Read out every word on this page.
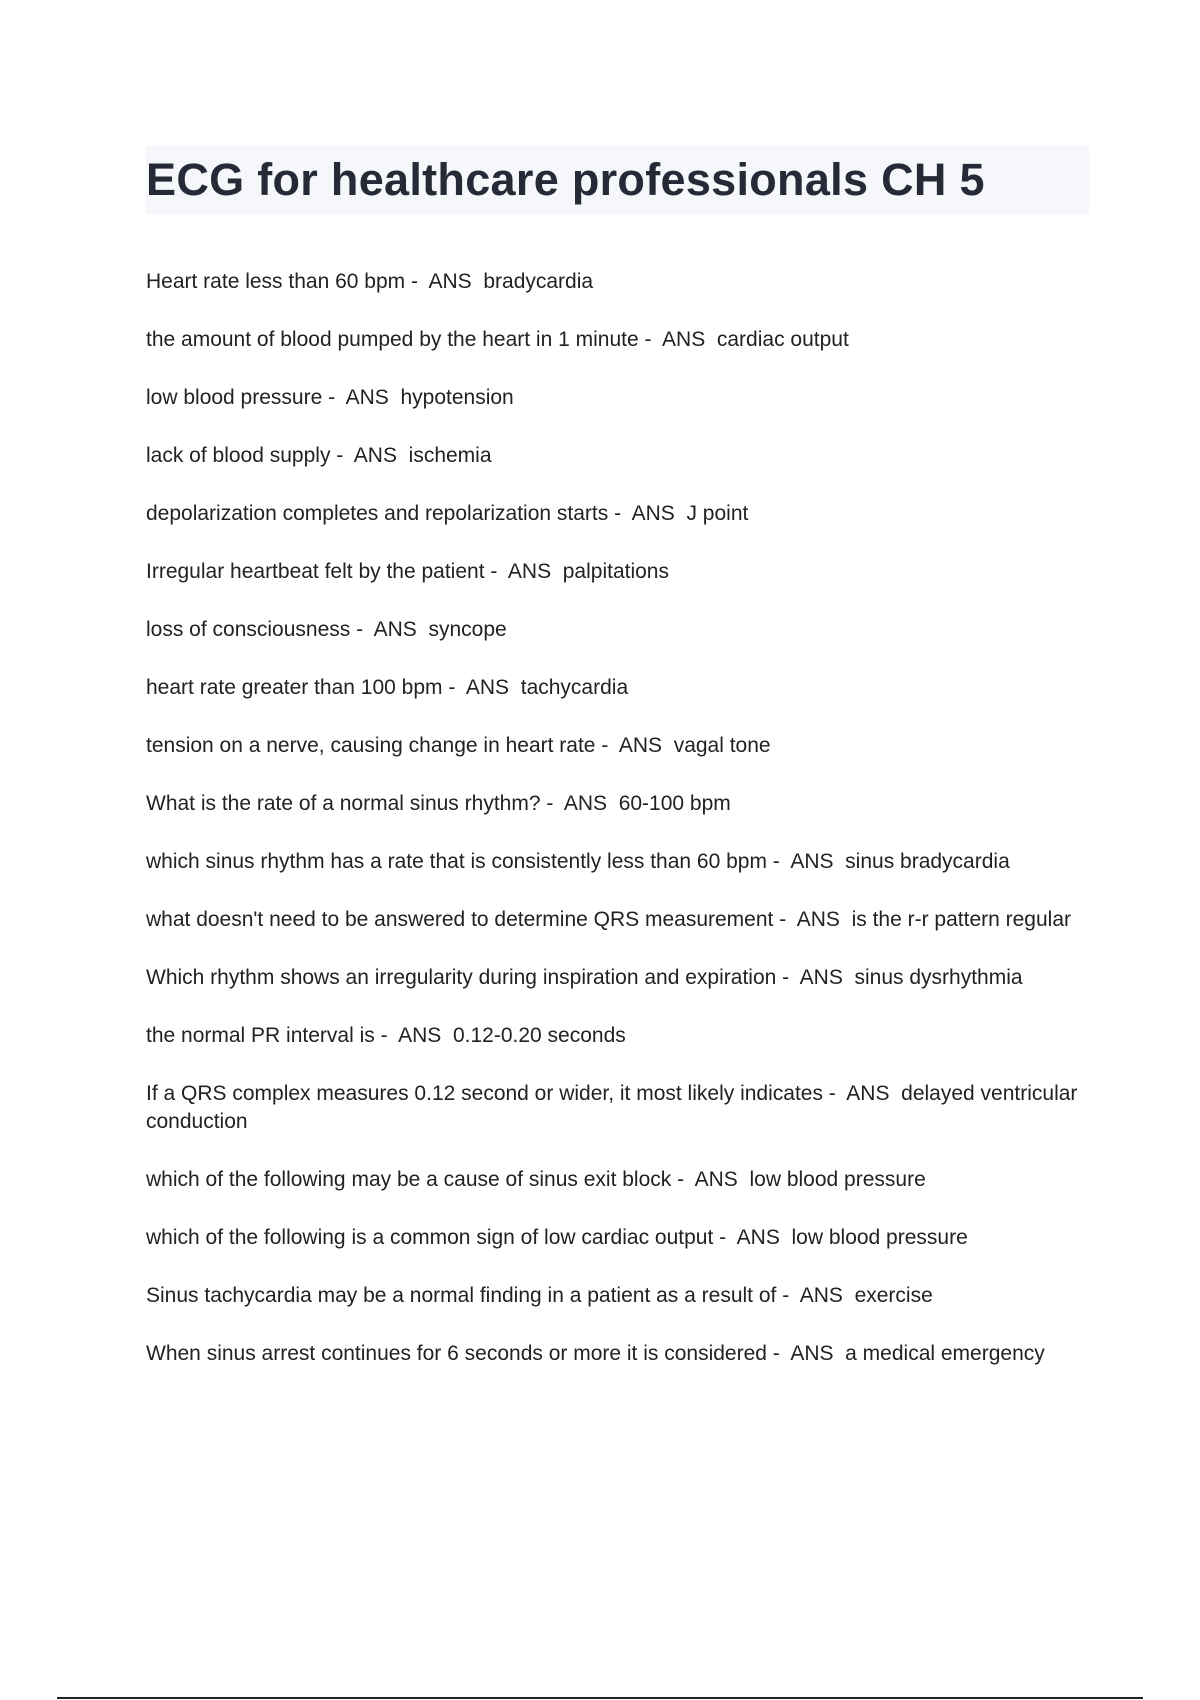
ECG for healthcare professionals CH 5
Heart rate less than 60 bpm -  ANS bradycardia
the amount of blood pumped by the heart in 1 minute -  ANS cardiac output
low blood pressure -  ANS hypotension
lack of blood supply -  ANS ischemia
depolarization completes and repolarization starts -  ANS J point
Irregular heartbeat felt by the patient -  ANS palpitations
loss of consciousness -  ANS syncope
heart rate greater than 100 bpm -  ANS tachycardia
tension on a nerve, causing change in heart rate -  ANS vagal tone
What is the rate of a normal sinus rhythm? -  ANS 60-100 bpm
which sinus rhythm has a rate that is consistently less than 60 bpm -  ANS sinus bradycardia
what doesn't need to be answered to determine QRS measurement -  ANS is the r-r pattern regular
Which rhythm shows an irregularity during inspiration and expiration -  ANS sinus dysrhythmia
the normal PR interval is -  ANS 0.12-0.20 seconds
If a QRS complex measures 0.12 second or wider, it most likely indicates -  ANS delayed ventricular conduction
which of the following may be a cause of sinus exit block -  ANS low blood pressure
which of the following is a common sign of low cardiac output -  ANS low blood pressure
Sinus tachycardia may be a normal finding in a patient as a result of -  ANS exercise
When sinus arrest continues for 6 seconds or more it is considered -  ANS a medical emergency
